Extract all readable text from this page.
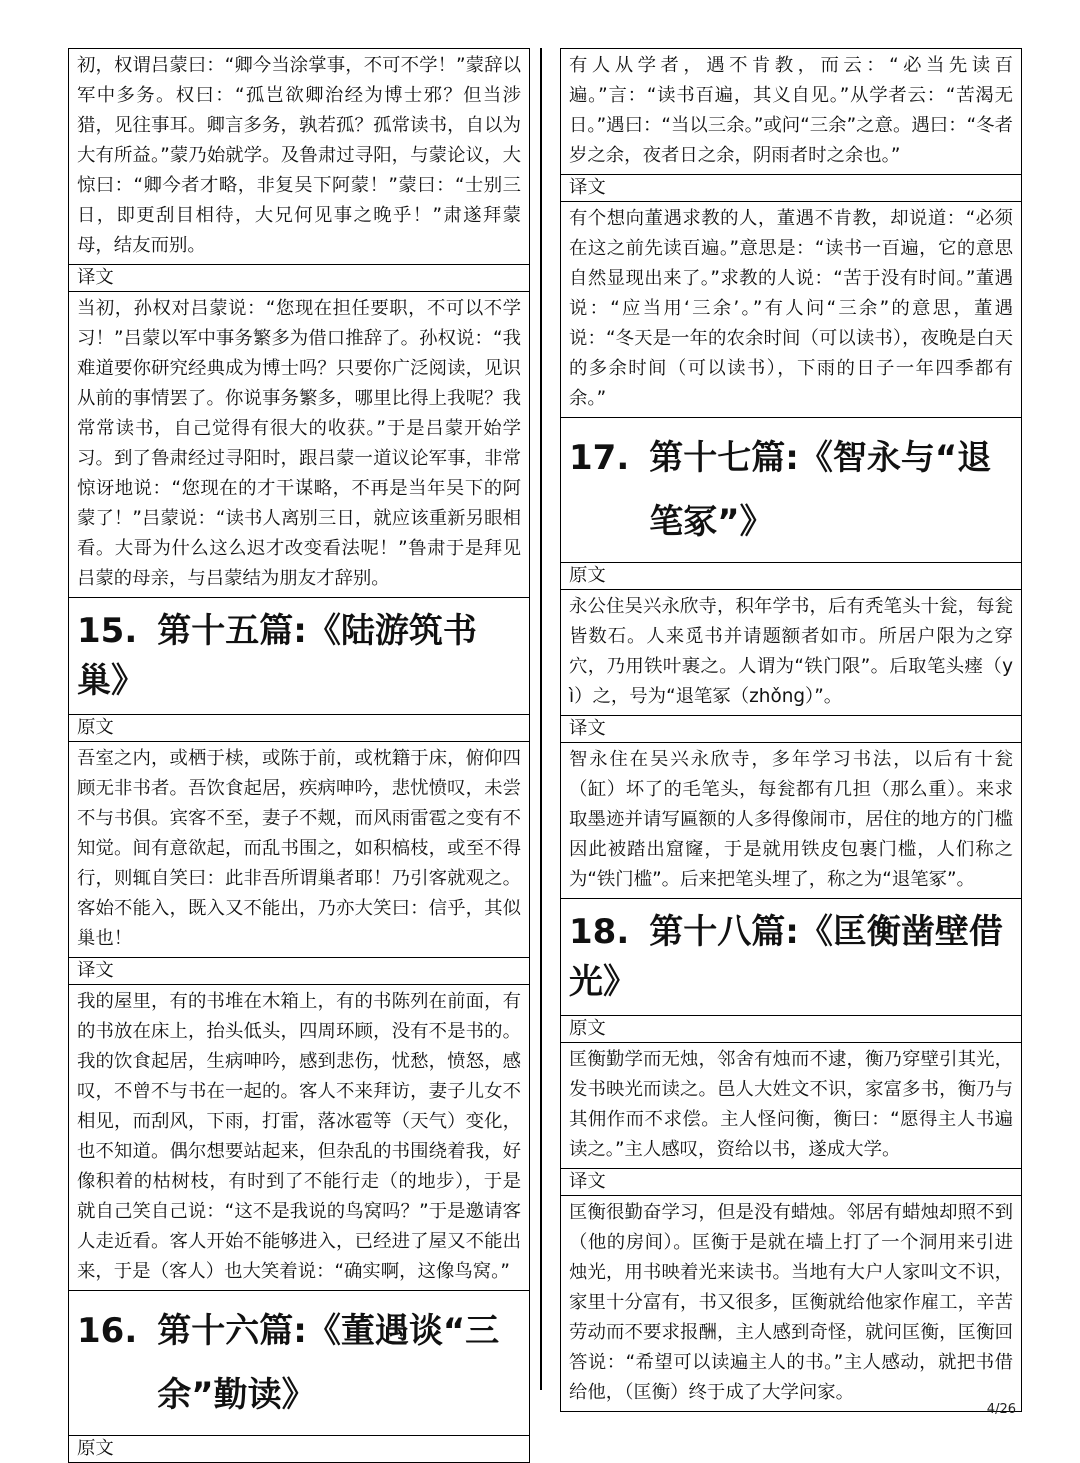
初，权谓吕蒙曰：“卿今当涂掌事，不可不学！”蒙辞以军中多务。权曰：“孤岂欲卿治经为博士邪？但当涉猎，见往事耳。卿言多务，孰若孤？孤常读书，自以为大有所益。”蒙乃始就学。及鲁肃过寻阳，与蒙论议，大惊曰：“卿今者才略，非复吴下阿蒙！”蒙曰：“士别三日，即更刮目相待，大兄何见事之晚乎！”肃遂拜蒙母，结友而别。
译文
当初，孙权对吕蒙说：“您现在担任要职，不可以不学习！”吕蒙以军中事务繁多为借口推辞了。孙权说：“我难道要你研究经典成为博士吗？只要你广泛阅读，见识从前的事情罢了。你说事务繁多，哪里比得上我呢？我常常读书，自己觉得有很大的收获。”于是吕蒙开始学习。到了鲁肃经过寻阳时，跟吕蒙一道议论军事，非常惊讶地说：“您现在的才干谋略，不再是当年吴下的阿蒙了！”吕蒙说：“读书人离别三日，就应该重新另眼相看。大哥为什么这么迟才改变看法呢！”鲁肃于是拜见吕蒙的母亲，与吕蒙结为朋友才辞别。
15. 第十五篇:《陆游筑书巢》
原文
吾室之内，或栖于椟，或陈于前，或枕籍于床，俯仰四顾无非书者。吾饮食起居，疾病呻吟，悲忧愤叹，未尝不与书俱。宾客不至，妻子不觌，而风雨雷雹之变有不知觉。间有意欲起，而乱书围之，如积槁枝，或至不得行，则辄自笑曰：此非吾所谓巢者耶！乃引客就观之。客始不能入，既入又不能出，乃亦大笑曰：信乎，其似巢也！
译文
我的屋里，有的书堆在木箱上，有的书陈列在前面，有的书放在床上，抬头低头，四周环顾，没有不是书的。我的饮食起居，生病呻吟，感到悲伤，忧愁，愤怒，感叹，不曾不与书在一起的。客人不来拜访，妻子儿女不相见，而刮风，下雨，打雷，落冰雹等（天气）变化，也不知道。偶尔想要站起来，但杂乱的书围绕着我，好像积着的枯树枝，有时到了不能行走（的地步），于是就自己笑自己说：“这不是我说的鸟窝吗？”于是邀请客人走近看。客人开始不能够进入，已经进了屋又不能出来，于是（客人）也大笑着说：“确实啊，这像鸟窝。”
16. 第十六篇:《董遇谈“三余”勤读》
原文
有人从学者，遇不肯教，而云：“必当先读百遍。”言：“读书百遍，其义自见。”从学者云：“苦渴无日。”遇曰：“当以三余。”或问“三余”之意。遇曰：“冬者岁之余，夜者日之余，阴雨者时之余也。”
译文
有个想向董遇求教的人，董遇不肯教，却说道：“必须在这之前先读百遍。”意思是：“读书一百遍，它的意思自然显现出来了。”求教的人说：“苦于没有时间。”董遇说：“应当用‘三余’。”有人问“三余”的意思，董遇说：“冬天是一年的农余时间（可以读书），夜晚是白天的多余时间（可以读书），下雨的日子一年四季都有余。”
17. 第十七篇:《智永与“退笔冢”》
原文
永公住吴兴永欣寺，积年学书，后有秃笔头十瓮，每瓮皆数石。人来觅书并请题额者如市。所居户限为之穿穴，乃用铁叶裹之。人谓为“铁门限”。后取笔头瘗（yì）之，号为“退笔冢（zhǒng）”。
译文
智永住在吴兴永欣寺，多年学习书法，以后有十瓮（缸）坏了的毛笔头，每瓮都有几担（那么重）。来求取墨迹并请写匾额的人多得像闹市，居住的地方的门槛因此被踏出窟窿，于是就用铁皮包裹门槛，人们称之为“铁门槛”。后来把笔头埋了，称之为“退笔冢”。
18. 第十八篇:《匡衡凿壁借光》
原文
匡衡勤学而无烛，邻舍有烛而不逮，衡乃穿壁引其光，发书映光而读之。邑人大姓文不识，家富多书，衡乃与其佣作而不求偿。主人怪问衡，衡曰：“愿得主人书遍读之。”主人感叹，资给以书，遂成大学。
译文
匡衡很勤奋学习，但是没有蜡烛。邻居有蜡烛却照不到（他的房间）。匡衡于是就在墙上打了一个洞用来引进烛光，用书映着光来读书。当地有大户人家叫文不识，家里十分富有，书又很多，匡衡就给他家作雇工，辛苦劳动而不要求报酬，主人感到奇怪，就问匡衡，匡衡回答说：“希望可以读遍主人的书。”主人感动，就把书借给他，（匡衡）终于成了大学问家。
4/26
